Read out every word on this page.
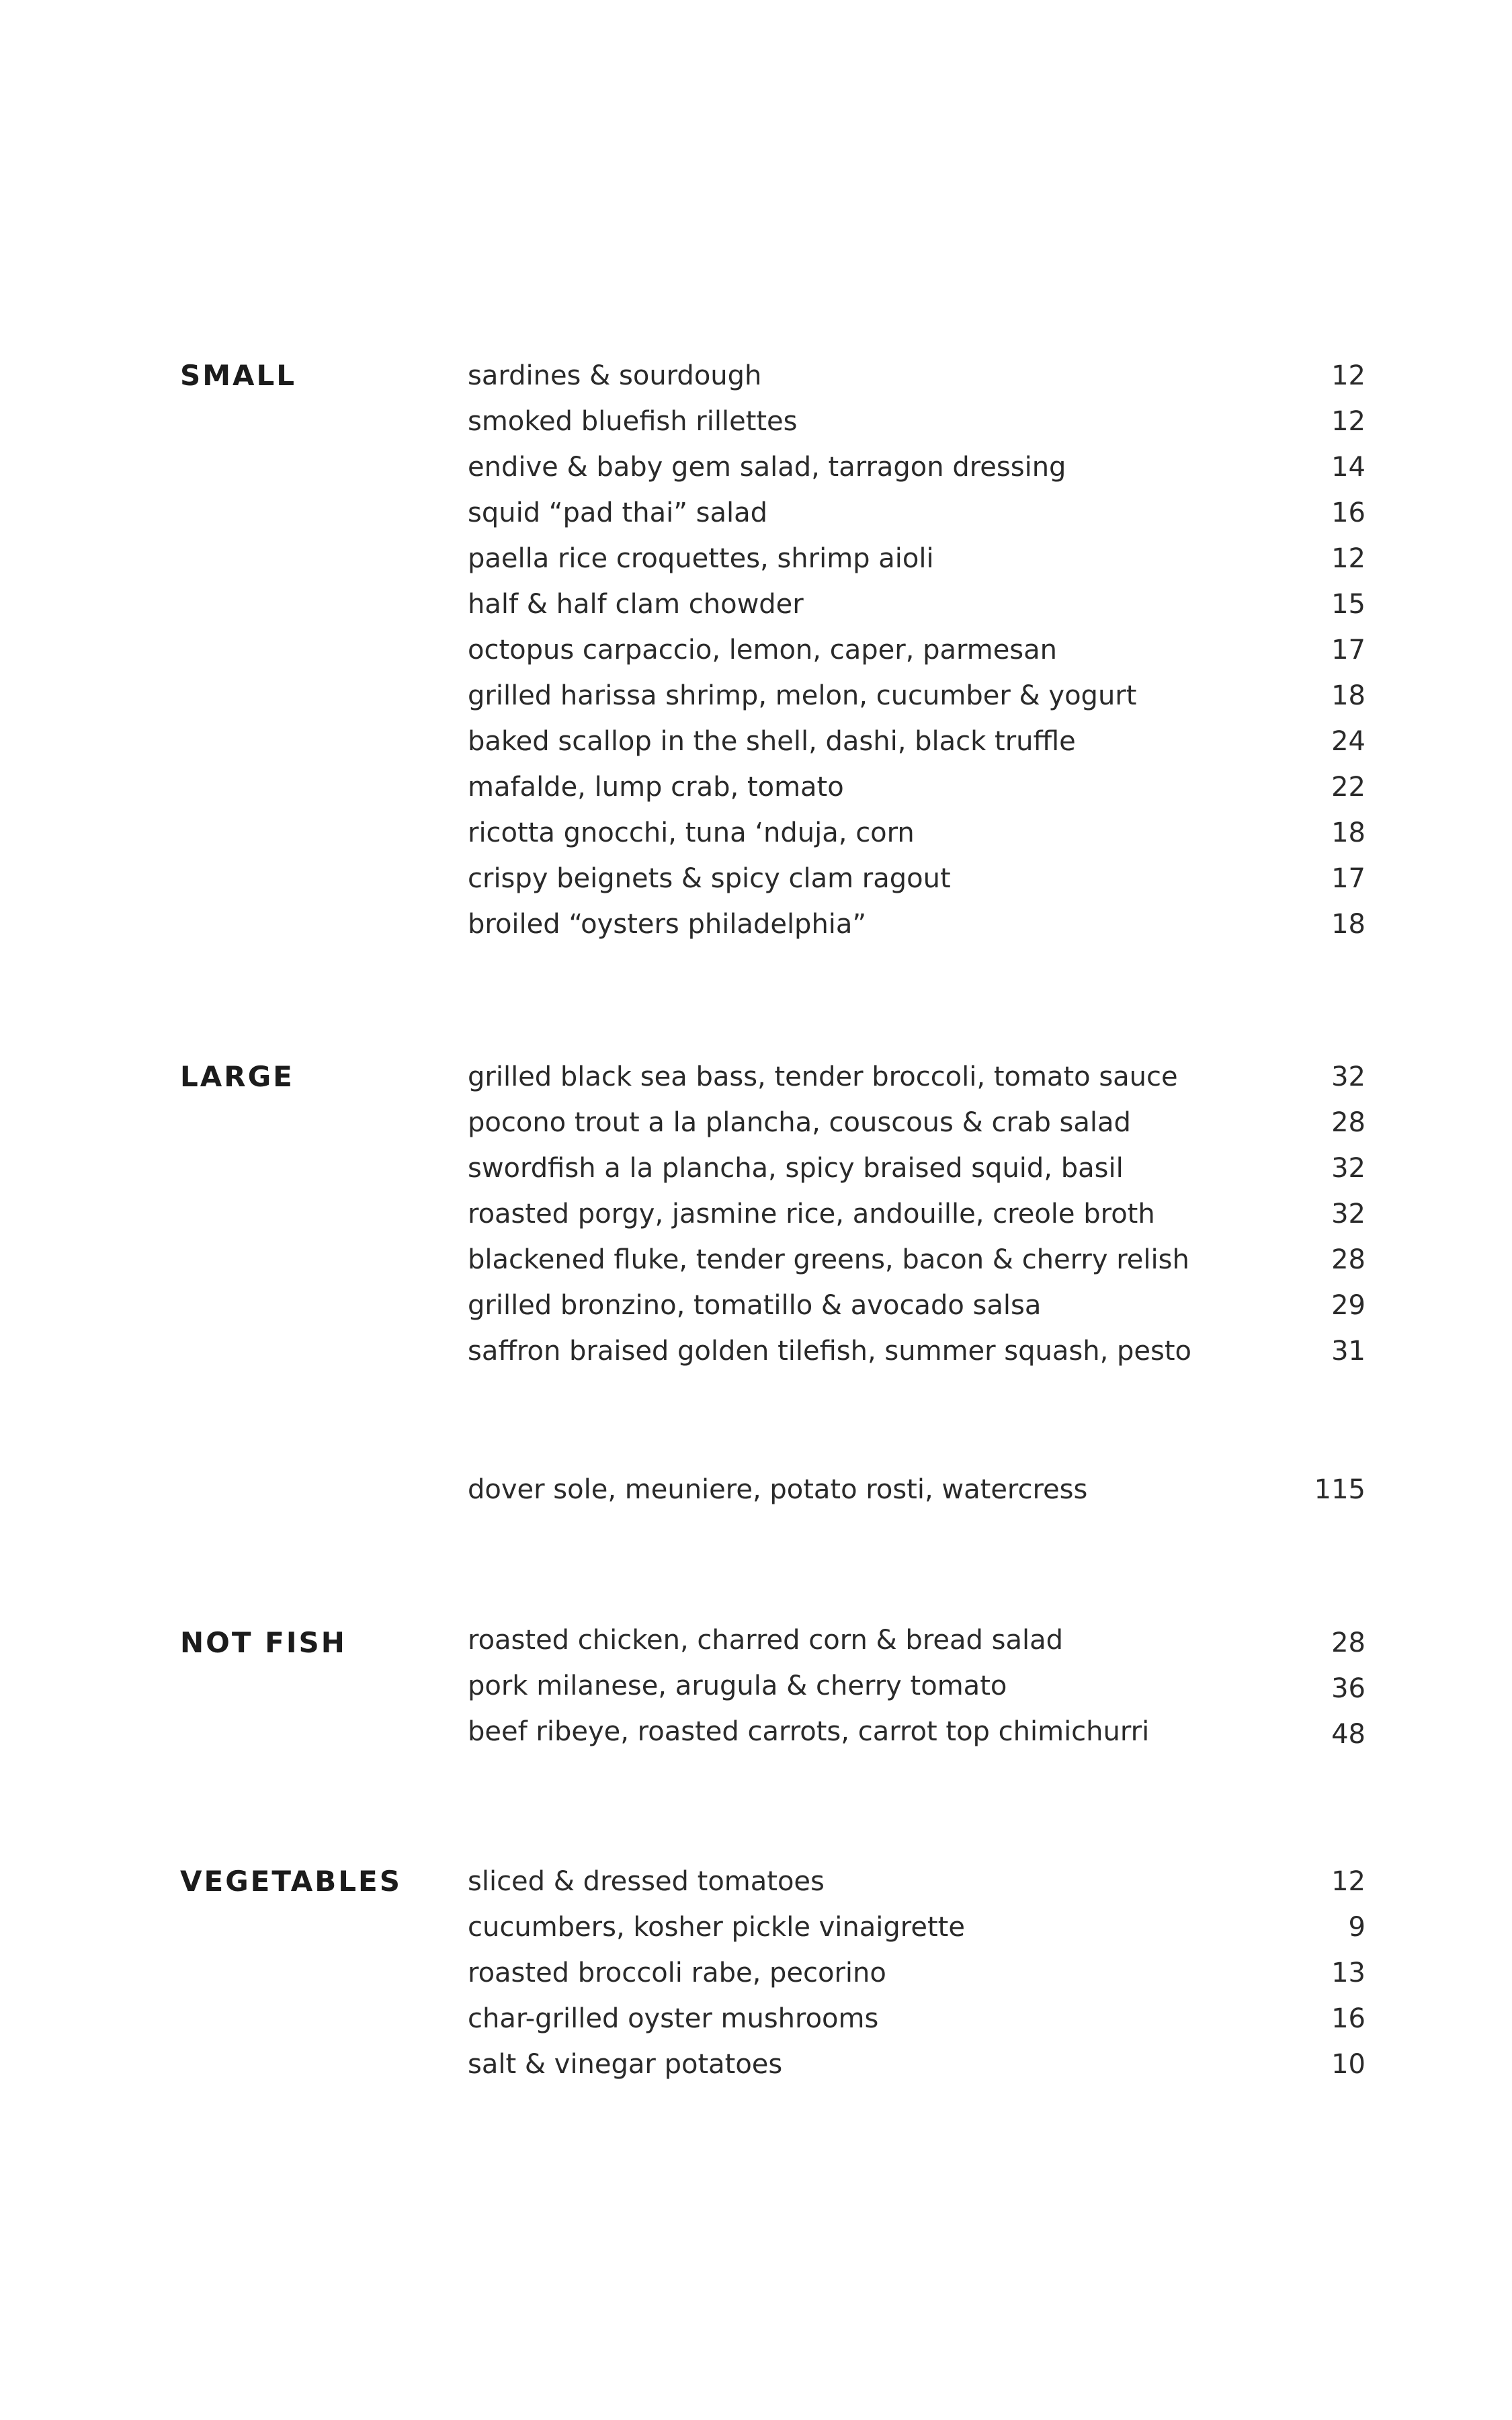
SMALL	sardines & sourdough	12
smoked bluefish rillettes	12
endive & baby gem salad, tarragon dressing	14
squid “pad thai” salad	16
paella rice croquettes, shrimp aioli	12
half & half clam chowder	15
octopus carpaccio, lemon, caper, parmesan	17
grilled harissa shrimp, melon, cucumber & yogurt	18
baked scallop in the shell, dashi, black truffle	24
mafalde, lump crab, tomato	22
ricotta gnocchi, tuna ‘nduja, corn	18
crispy beignets & spicy clam ragout	17
broiled “oysters philadelphia”	18
LARGE	grilled black sea bass, tender broccoli, tomato sauce	32
pocono trout a la plancha, couscous & crab salad	28
swordfish a la plancha, spicy braised squid, basil	32
roasted porgy, jasmine rice, andouille, creole broth	32
blackened fluke, tender greens, bacon & cherry relish	28
grilled bronzino, tomatillo & avocado salsa	29
saffron braised golden tilefish, summer squash, pesto	31
dover sole, meuniere, potato rosti, watercress	115
NOT FISH	roasted chicken, charred corn & bread salad	28
pork milanese, arugula & cherry tomato	36
beef ribeye, roasted carrots, carrot top chimichurri	48
VEGETABLES sliced & dressed tomatoes	12
cucumbers, kosher pickle vinaigrette	9
roasted broccoli rabe, pecorino	13
char-grilled oyster mushrooms	16
salt & vinegar potatoes	10
